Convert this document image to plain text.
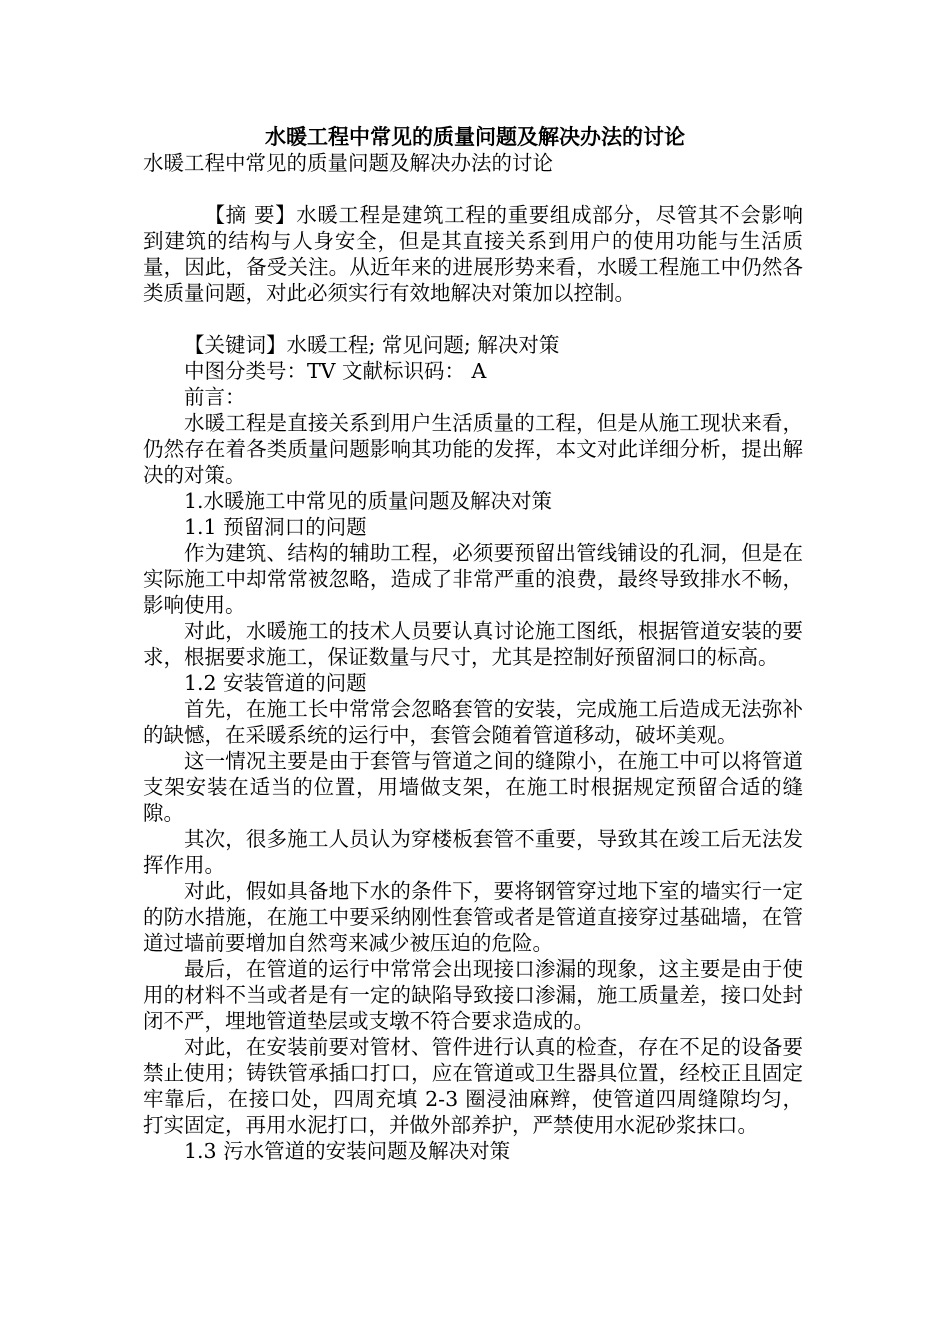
水暖工程中常见的质量问题及解决办法的讨论

水暖工程中常见的质量问题及解决办法的讨论

【摘 要】水暖工程是建筑工程的重要组成部分，尽管其不会影响到建筑的结构与人身安全，但是其直接关系到用户的使用功能与生活质量，因此，备受关注。从近年来的进展形势来看，水暖工程施工中仍然各类质量问题，对此必须实行有效地解决对策加以控制。

【关键词】水暖工程; 常见问题; 解决对策

中图分类号：TV 文献标识码： A

前言：

水暖工程是直接关系到用户生活质量的工程，但是从施工现状来看，仍然存在着各类质量问题影响其功能的发挥，本文对此详细分析，提出解决的对策。

1.水暖施工中常见的质量问题及解决对策

1.1 预留洞口的问题

作为建筑、结构的辅助工程，必须要预留出管线铺设的孔洞，但是在实际施工中却常常被忽略，造成了非常严重的浪费，最终导致排水不畅，影响使用。

对此，水暖施工的技术人员要认真讨论施工图纸，根据管道安装的要求，根据要求施工，保证数量与尺寸，尤其是控制好预留洞口的标高。

1.2 安装管道的问题

首先，在施工长中常常会忽略套管的安装，完成施工后造成无法弥补的缺憾，在采暖系统的运行中，套管会随着管道移动，破坏美观。

这一情况主要是由于套管与管道之间的缝隙小，在施工中可以将管道支架安装在适当的位置，用墙做支架，在施工时根据规定预留合适的缝隙。

其次，很多施工人员认为穿楼板套管不重要，导致其在竣工后无法发挥作用。

对此，假如具备地下水的条件下，要将钢管穿过地下室的墙实行一定的防水措施，在施工中要采纳刚性套管或者是管道直接穿过基础墙，在管道过墙前要增加自然弯来减少被压迫的危险。

最后，在管道的运行中常常会出现接口渗漏的现象，这主要是由于使用的材料不当或者是有一定的缺陷导致接口渗漏，施工质量差，接口处封闭不严，埋地管道垫层或支墩不符合要求造成的。

对此，在安装前要对管材、管件进行认真的检查，存在不足的设备要禁止使用；铸铁管承插口打口，应在管道或卫生器具位置，经校正且固定牢靠后，在接口处，四周充填 2-3 圈浸油麻辫，使管道四周缝隙均匀，打实固定，再用水泥打口，并做外部养护，严禁使用水泥砂浆抹口。

1.3 污水管道的安装问题及解决对策
